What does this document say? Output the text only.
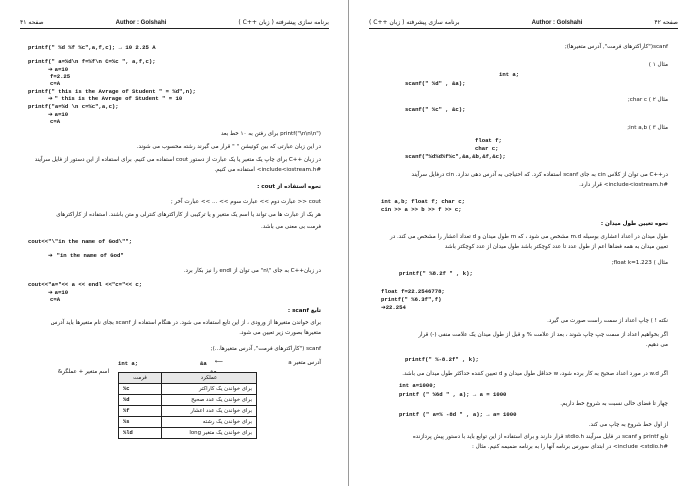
صفحه ۴۱	Author : Golshahi	برنامه سازی پیشرفته ( زبان ++C )
printf(" %d %f %c",a,f,c); → 10 2.25 A
printf(" a=%d\n f=%f\n C=%c ", a,f,c);
➔ a=10
f=2.25
c=A
printf(" this is the Avrage of Student " = %d",n);
➔ " this is the Avrage of Student " = 10
printf("a=%d \n c=%c",a,c);
➔ a=10
c=A
printf("\n\n\n") برای رفتن به ۱۰ خط بعد
در این زبان عبارتی که بین کوتیشن " " قرار می گیرند رشته محسوب می شوند.
در زبان ++C برای چاپ یک متغیر یا یک عبارت از دستور cout استفاده می کنیم. برای استفاده از این دستور از فایل سرآیند
#include<iostream.h> استفاده می کنیم.
نحوه استفاده از cout :
cout << عبارت دوم >> عبارت سوم >> ... >> عبارت آخر ;
هر یک از عبارت ها می تواند یا اسم یک متغیر و یا ترکیبی از کاراکترهای کنترلی و متن باشند. استفاده از کاراکترهای
فرمت بی معنی می باشد.
cout<<"\"in the name of God\"";
➔  "in the name of God"
در زبان++C به جای "\n" می توان از endl را نیز بکار برد.
cout<<"a="<< a << endl <<"c="<< c;
➔ a=10
c=A
تابع scanf :
برای خواندن متغیرها از ورودی ، از این تابع استفاده می شود. در هنگام استفاده از scanf بجای نام متغیرها باید آدرس
متغیرها بصورت زیر تعیین می شود.
scanf ("کاراکترهای فرمت", آدرس متغیرها...);
آدرس متغیر a
int a;	&a ⟵
اسم متغیر + عملگر&
عملکرد	فرمت
برای خواندن یک کاراکتر	%c
برای خواندن یک عدد صحیح	%d
برای خواندن یک عدد اعشار	%f
برای خواندن یک رشته	%s
برای خواندن یک متغیر long	%ld
برنامه سازی پیشرفته ( زبان ++C )	Author : Golshahi	صفحه ۴۲
scanf("کاراکترهای فرمت", آدرس متغیرها);
مثال ۱ )
int a;
scanf(" %d" , &a);
مثال ۲ ) char c;
scanf(" %c" , &c);
مثال ۳ ) int a,b;
float f;
char c;
scanf("%d%d%f%c",&a,&b,&f,&c);
در++C می توان از کلاس cin به جای scanf استفاده کرد. که احتیاجی به آدرس دهی ندارد. cin درفایل سرآیند
#include<iostream.h> قرار دارد.
int a,b; float f; char c;
cin >> a >> b >> f >> c;
نحوه تعیین طول میدان :
طول میدان در اعداد اعشاری بوسیله m.d مشخص می شود ، که m طول میدان و d تعداد اعشار را مشخص می کند. در
تعیین میدان به همه فضاها اعم از طول عدد تا عدد کوچکتر باشد طول میدان از عدد کوچکتر باشد
مثال ) float k=1.223;
printf(" %8.2f " , k);
float f=22.2546778;
printf(" %6.3f",f)
➔22.254
نکته ! ) چاپ اعداد از سمت راست صورت می گیرد.
اگر بخواهیم اعداد از سمت چپ چاپ شوند ، بعد از علامت % و قبل از طول میدان یک علامت منفی (-) قرار
می دهیم.
printf(" %-8.2f" , k);
اگر w.d در مورد اعداد صحیح به کار برده شود، w حداقل طول میدان و d تعیین کننده حداکثر طول میدان می باشد.
int a=1000;
printf (" %6d " , a); → a = 1000
چهار تا فضای خالی نسبت به شروع خط داریم.
printf (" a=% -8d " , a); → a= 1000
از اول خط شروع به چاپ می کند.
تابع printf و scanf در فایل سرآیند stdio.h قرار دارند و برای استفاده از این توابع باید با دستور پیش پردازنده
#include <stdio.h> در ابتدای سورس برنامه آنها را به برنامه ضمیمه کنیم. مثال :
